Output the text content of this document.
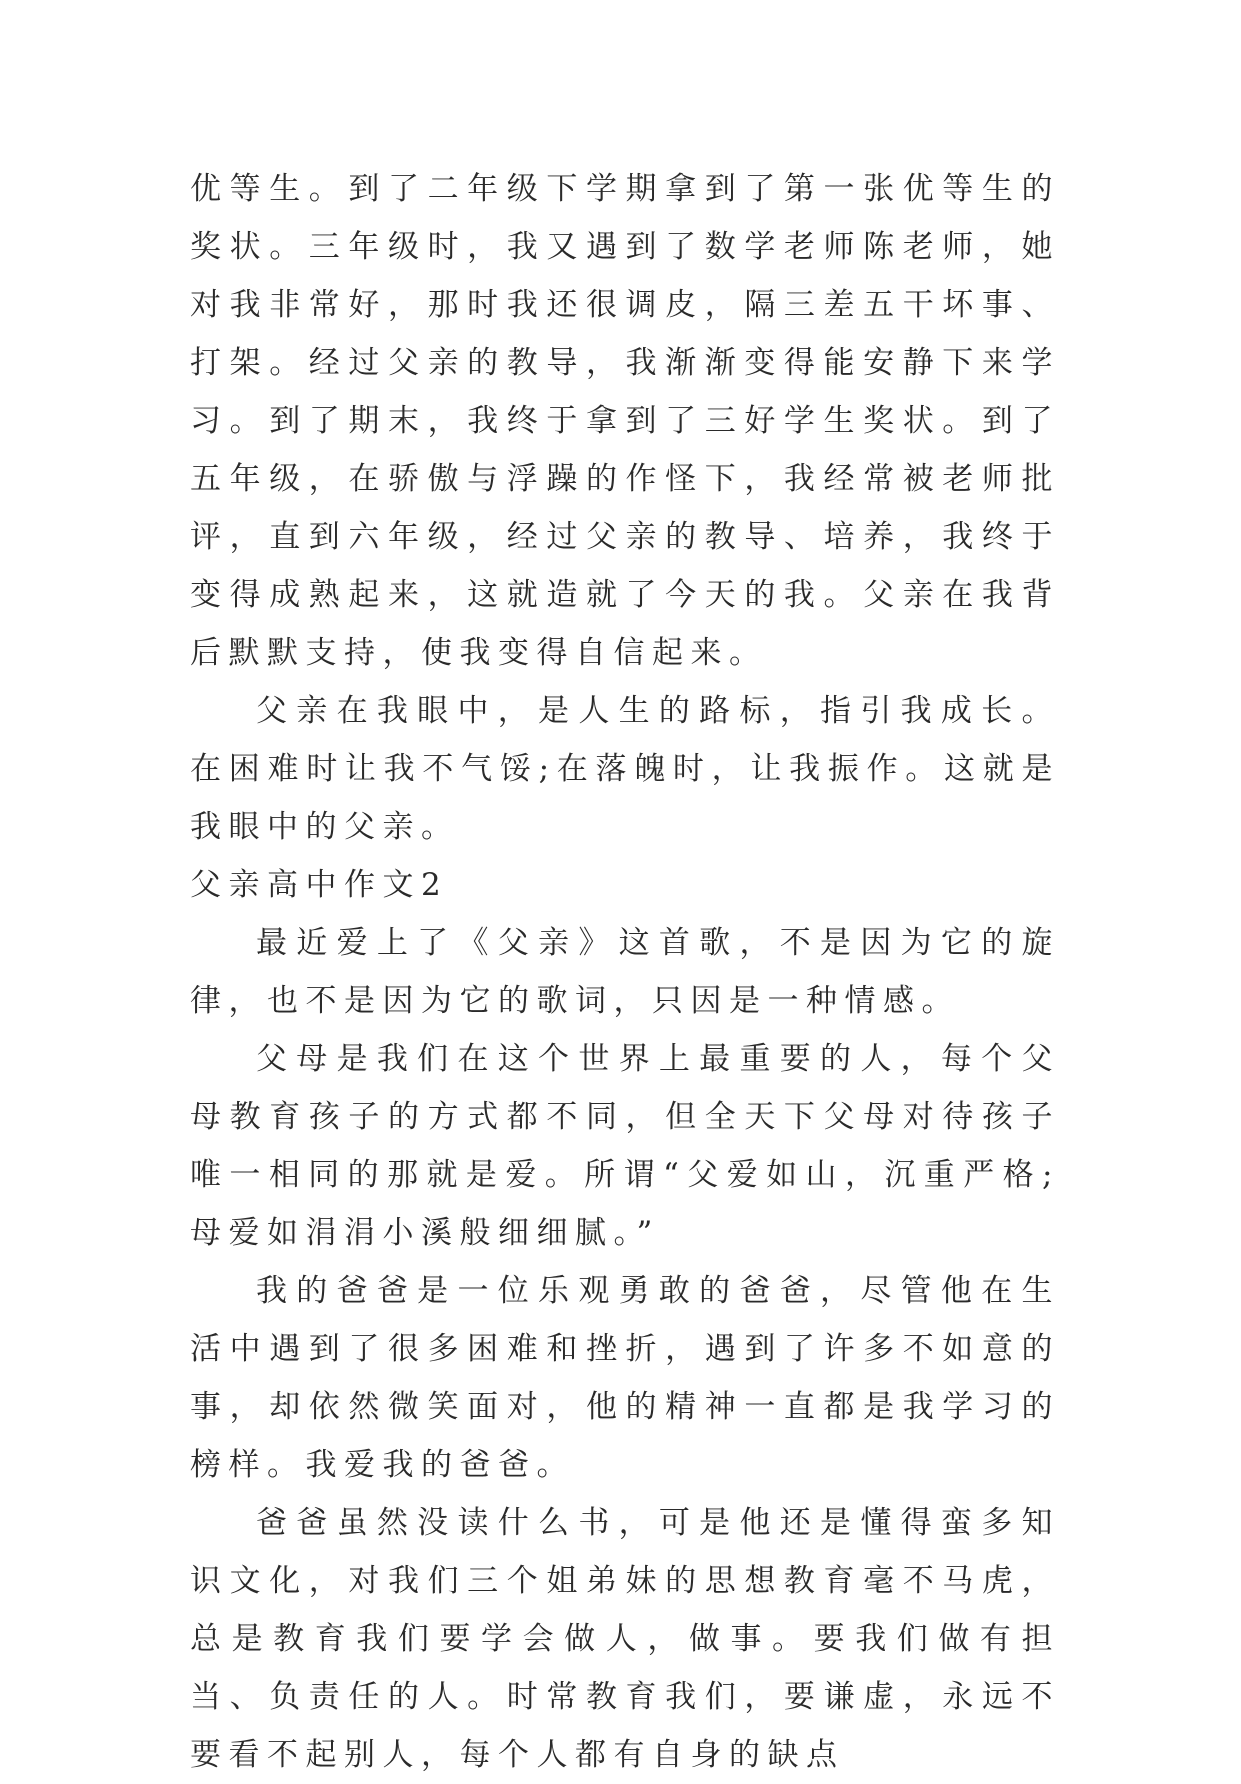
优等生。到了二年级下学期拿到了第一张优等生的奖状。三年级时，我又遇到了数学老师陈老师，她对我非常好，那时我还很调皮，隔三差五干坏事、打架。经过父亲的教导，我渐渐变得能安静下来学习。到了期末，我终于拿到了三好学生奖状。到了五年级，在骄傲与浮躁的作怪下，我经常被老师批评，直到六年级，经过父亲的教导、培养，我终于变得成熟起来，这就造就了今天的我。父亲在我背后默默支持，使我变得自信起来。

父亲在我眼中，是人生的路标，指引我成长。在困难时让我不气馁;在落魄时，让我振作。这就是我眼中的父亲。

父亲高中作文2

最近爱上了《父亲》这首歌，不是因为它的旋律，也不是因为它的歌词，只因是一种情感。

父母是我们在这个世界上最重要的人，每个父母教育孩子的方式都不同，但全天下父母对待孩子唯一相同的那就是爱。所谓“父爱如山，沉重严格;母爱如涓涓小溪般细细腻。”

我的爸爸是一位乐观勇敢的爸爸，尽管他在生活中遇到了很多困难和挫折，遇到了许多不如意的事，却依然微笑面对，他的精神一直都是我学习的榜样。我爱我的爸爸。

爸爸虽然没读什么书，可是他还是懂得蛮多知识文化，对我们三个姐弟妹的思想教育毫不马虎，总是教育我们要学会做人，做事。要我们做有担当、负责任的人。时常教育我们，要谦虚，永远不要看不起别人，每个人都有自身的缺点
